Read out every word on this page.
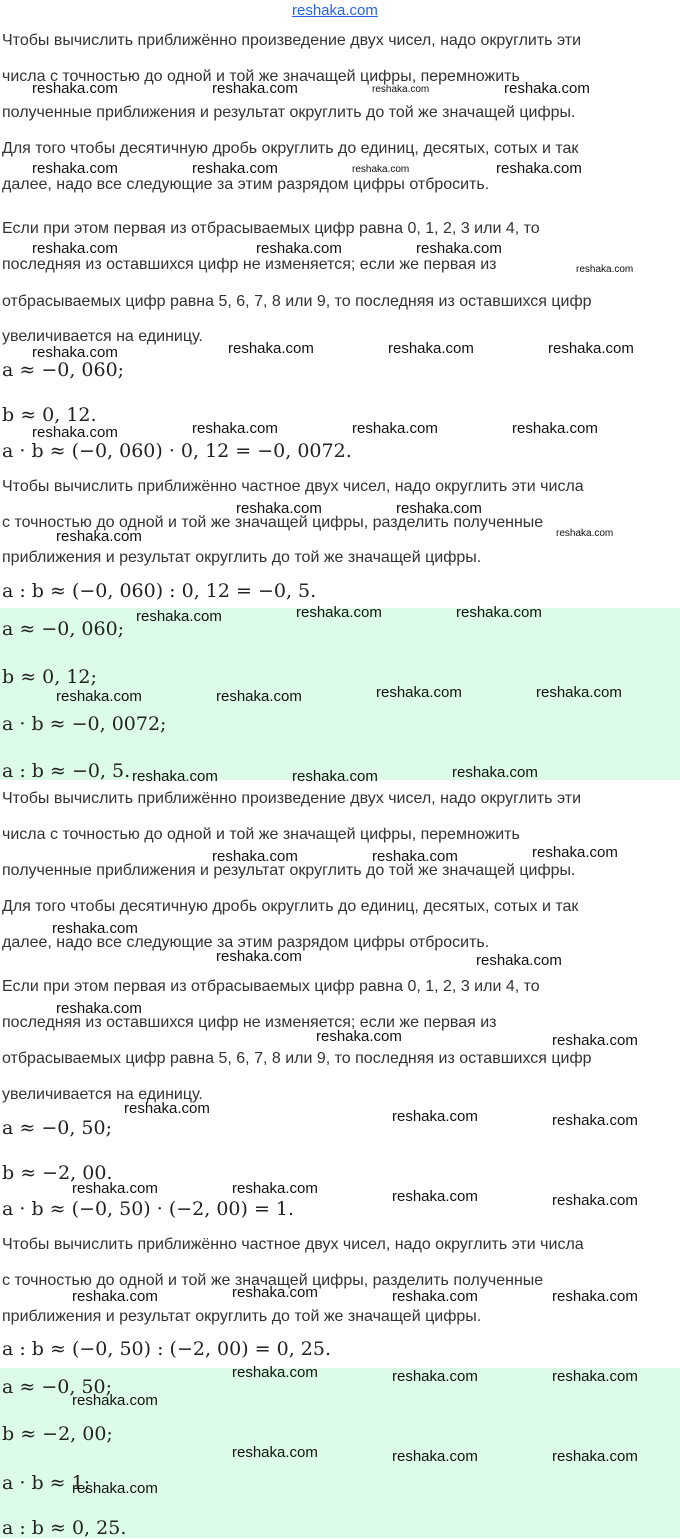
reshaka.com
Чтобы вычислить приближённо произведение двух чисел, надо округлить эти
числа с точностью до одной и той же значащей цифры, перемножить
полученные приближения и результат округлить до той же значащей цифры.
Для того чтобы десятичную дробь округлить до единиц, десятых, сотых и так
далее, надо все следующие за этим разрядом цифры отбросить.
Если при этом первая из отбрасываемых цифр равна 0, 1, 2, 3 или 4, то
последняя из оставшихся цифр не изменяется; если же первая из
отбрасываемых цифр равна 5, 6, 7, 8 или 9, то последняя из оставшихся цифр
увеличивается на единицу.
a ≈ −0, 060;
b ≈ 0, 12.
a · b ≈ (−0, 060) · 0, 12 = −0, 0072.
Чтобы вычислить приближённо частное двух чисел, надо округлить эти числа
с точностью до одной и той же значащей цифры, разделить полученные
приближения и результат округлить до той же значащей цифры.
a : b ≈ (−0, 060) : 0, 12 = −0, 5.
a ≈ −0, 060;
b ≈ 0, 12;
a · b ≈ −0, 0072;
a : b ≈ −0, 5.
Чтобы вычислить приближённо произведение двух чисел, надо округлить эти
числа с точностью до одной и той же значащей цифры, перемножить
полученные приближения и результат округлить до той же значащей цифры.
Для того чтобы десятичную дробь округлить до единиц, десятых, сотых и так
далее, надо все следующие за этим разрядом цифры отбросить.
Если при этом первая из отбрасываемых цифр равна 0, 1, 2, 3 или 4, то
последняя из оставшихся цифр не изменяется; если же первая из
отбрасываемых цифр равна 5, 6, 7, 8 или 9, то последняя из оставшихся цифр
увеличивается на единицу.
a ≈ −0, 50;
b ≈ −2, 00.
a · b ≈ (−0, 50) · (−2, 00) = 1.
Чтобы вычислить приближённо частное двух чисел, надо округлить эти числа
с точностью до одной и той же значащей цифры, разделить полученные
приближения и результат округлить до той же значащей цифры.
a : b ≈ (−0, 50) : (−2, 00) = 0, 25.
a ≈ −0, 50;
b ≈ −2, 00;
a · b ≈ 1;
a : b ≈ 0, 25.
reshaka.com	reshaka.com	reshaka.com	reshaka.com
reshaka.com	reshaka.com	reshaka.com	reshaka.com
reshaka.com	reshaka.com	reshaka.com
reshaka.com
reshaka.com	reshaka.com	reshaka.com	reshaka.com
reshaka.com	reshaka.com	reshaka.com	reshaka.com
reshaka.com	reshaka.com
reshaka.com	reshaka.com
reshaka.com	reshaka.com	reshaka.com
reshaka.com	reshaka.com	reshaka.com	reshaka.com
reshaka.com	reshaka.com	reshaka.com
reshaka.com	reshaka.com	reshaka.com
reshaka.com
reshaka.com	reshaka.com
reshaka.com
reshaka.com	reshaka.com
reshaka.com	reshaka.com	reshaka.com
reshaka.com	reshaka.com	reshaka.com	reshaka.com
reshaka.com	reshaka.com	reshaka.com	reshaka.com
reshaka.com	reshaka.com	reshaka.com
reshaka.com
reshaka.com	reshaka.com	reshaka.com
reshaka.com
